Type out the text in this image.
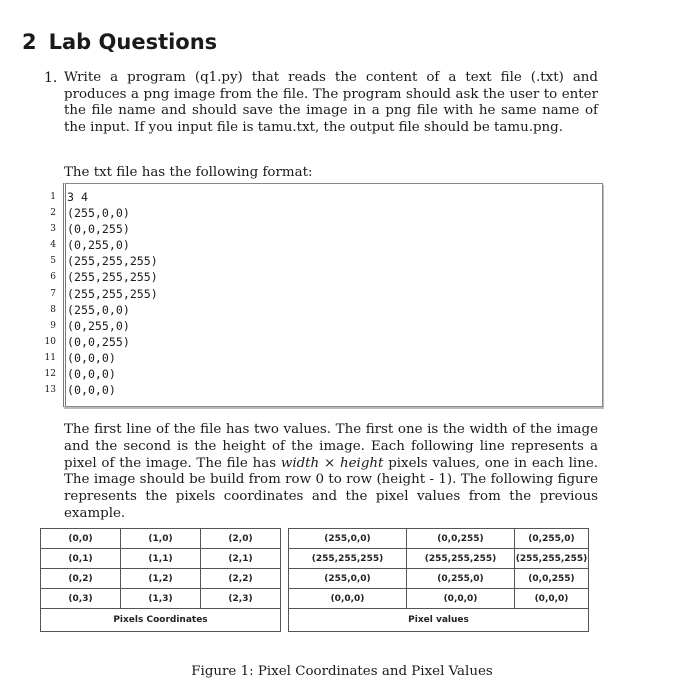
2 Lab Questions
1. Write a program (q1.py) that reads the content of a text file (.txt) and produces a png image from the file. The program should ask the user to enter the file name and should save the image in a png file with he same name of the input. If you input file is tamu.txt, the output file should be tamu.png.

The txt file has the following format:

1
2
3
4
5
6
7
8
9
10
11
12
13
3 4
(255,0,0)
(0,0,255)
(0,255,0)
(255,255,255)
(255,255,255)
(255,255,255)
(255,0,0)
(0,255,0)
(0,0,255)
(0,0,0)
(0,0,0)
(0,0,0)

The first line of the file has two values. The first one is the width of the image and the second is the height of the image. Each following line represents a pixel of the image. The file has width × height pixels values, one in each line. The image should be build from row 0 to row (height - 1). The following figure represents the pixels coordinates and the pixel values from the previous example.

(0,0)	(1,0)	(2,0)
(0,1)	(1,1)	(2,1)
(0,2)	(1,2)	(2,2)
(0,3)	(1,3)	(2,3)
Pixels Coordinates		
(255,0,0)	(0,0,255)	(0,255,0)
(255,255,255)	(255,255,255)	(255,255,255)
(255,0,0)	(0,255,0)	(0,0,255)
(0,0,0)	(0,0,0)	(0,0,0)
Pixel values		
Figure 1: Pixel Coordinates and Pixel Values
